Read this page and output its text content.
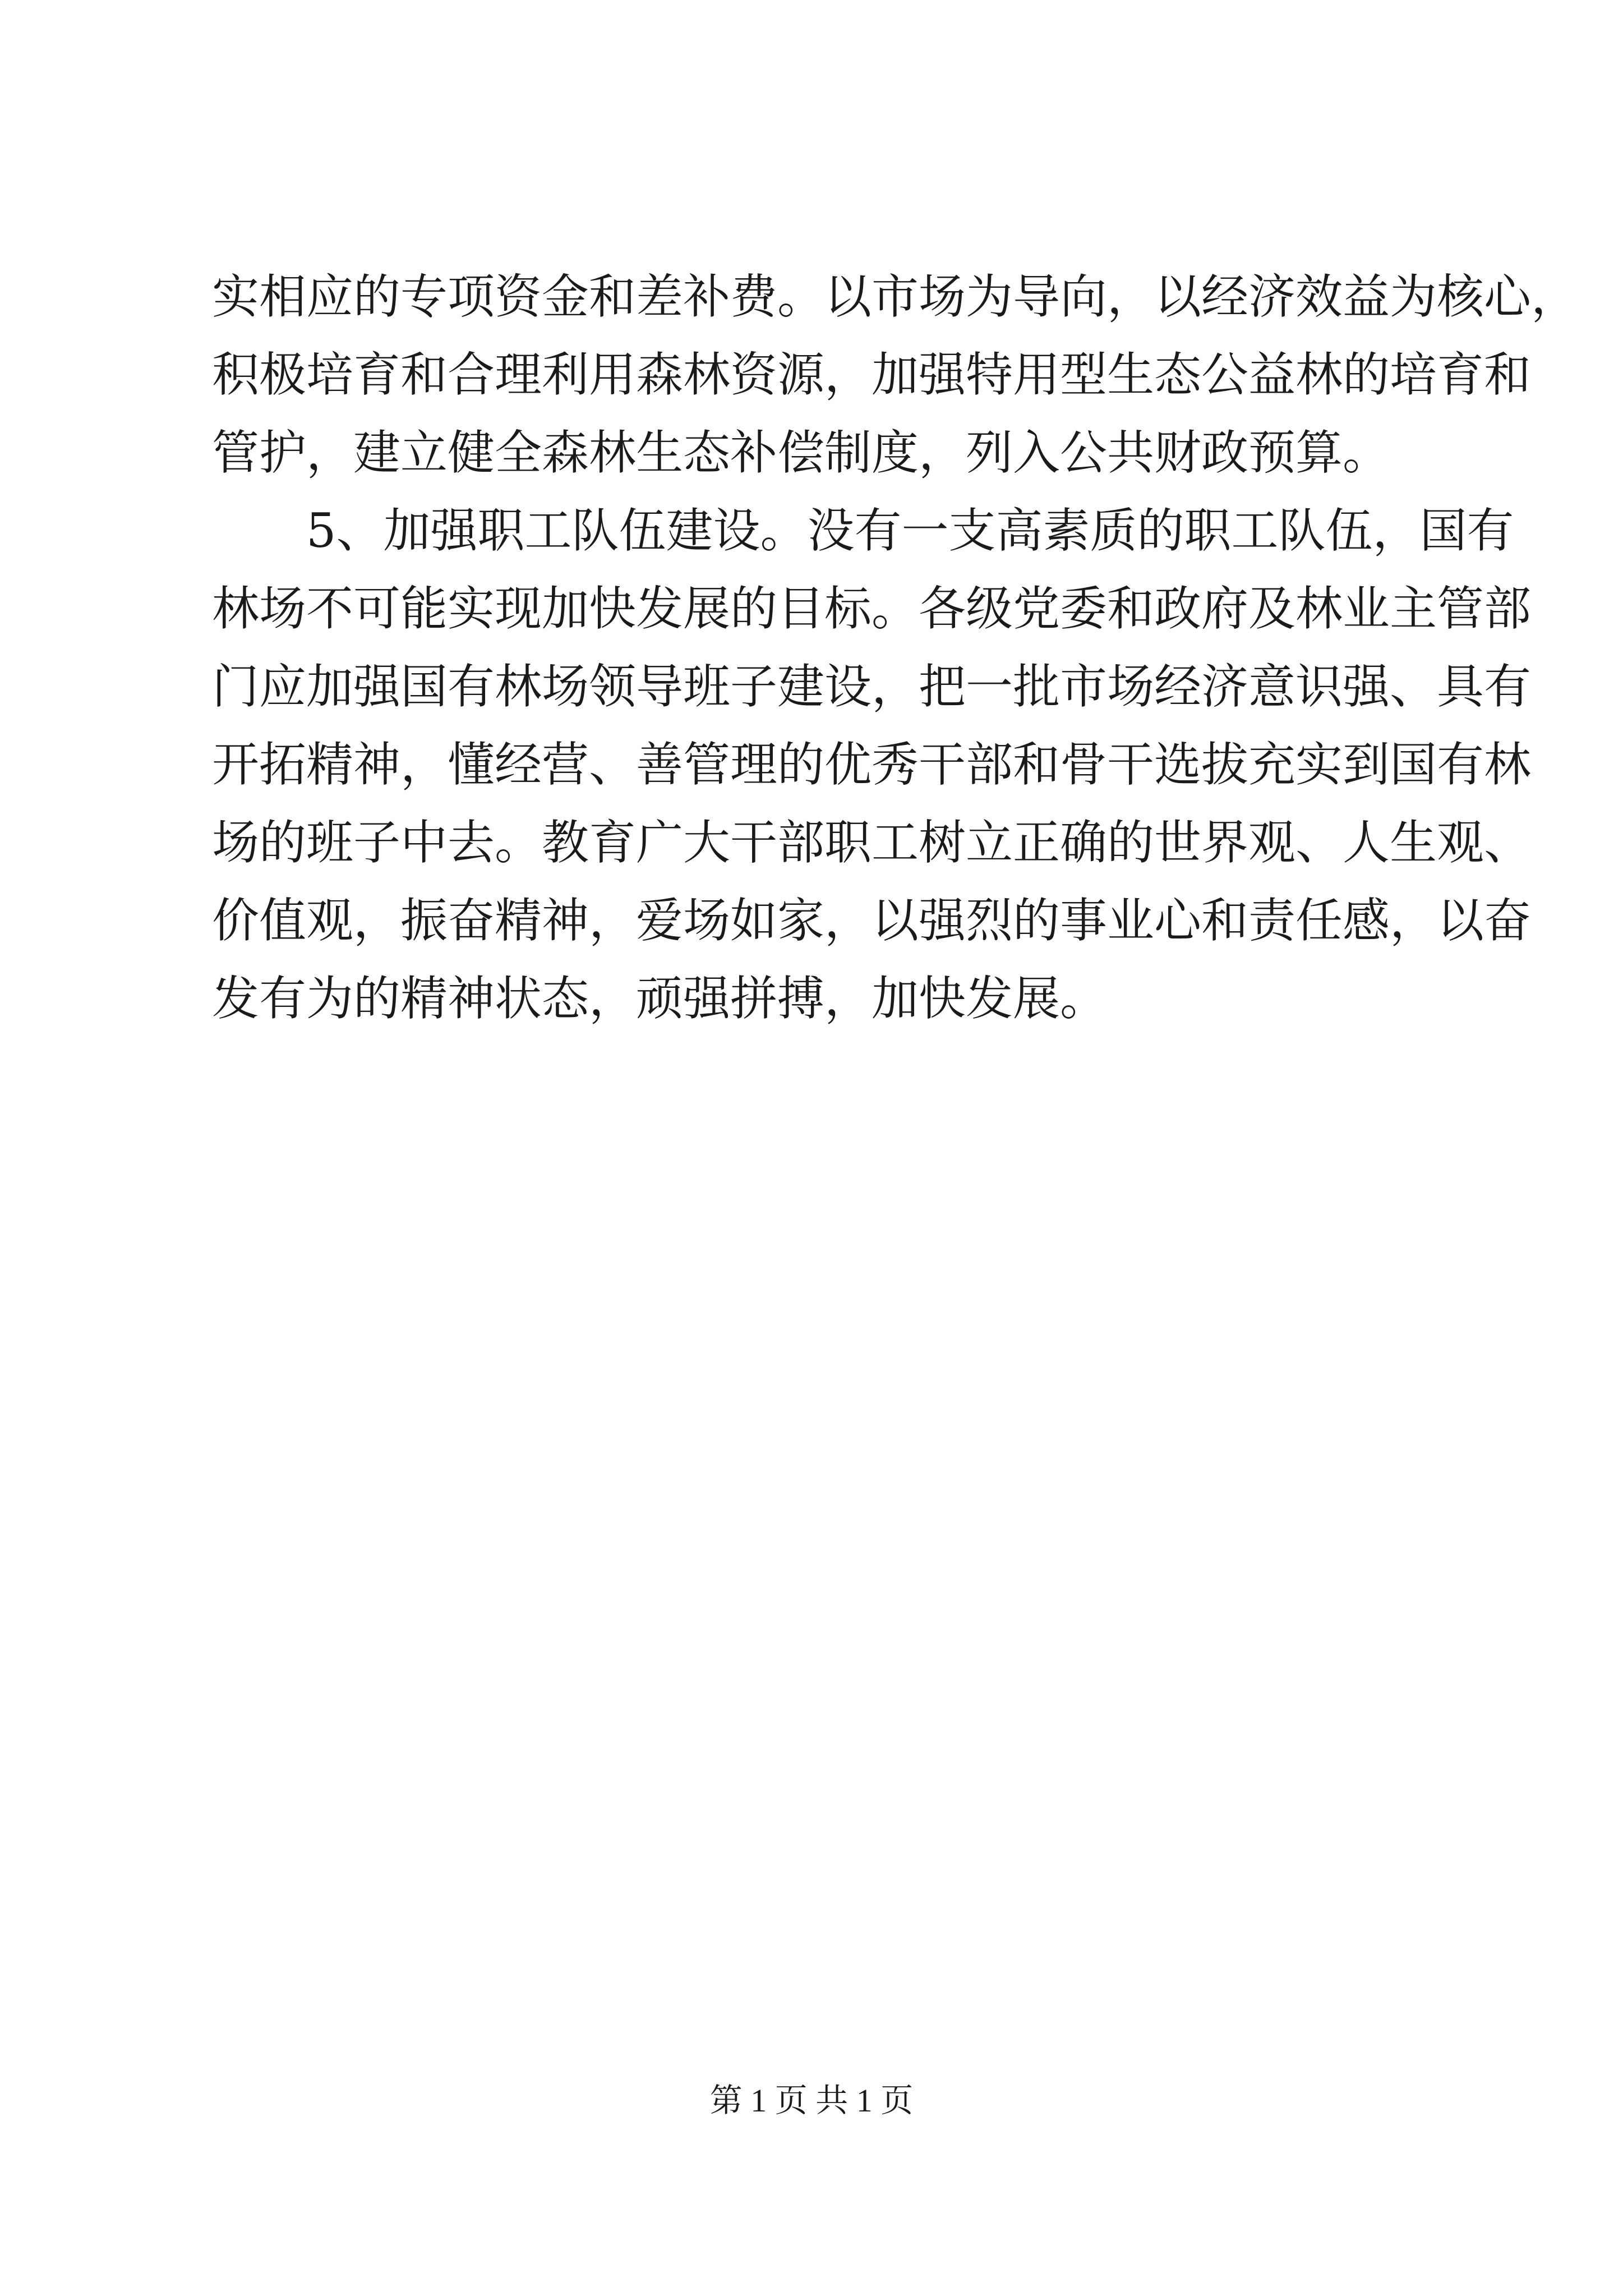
实相应的专项资金和差补费。以市场为导向，以经济效益为核心，
积极培育和合理利用森林资源，加强特用型生态公益林的培育和
管护，建立健全森林生态补偿制度，列入公共财政预算。
5、加强职工队伍建设。没有一支高素质的职工队伍，国有
林场不可能实现加快发展的目标。各级党委和政府及林业主管部
门应加强国有林场领导班子建设，把一批市场经济意识强、具有
开拓精神，懂经营、善管理的优秀干部和骨干选拔充实到国有林
场的班子中去。教育广大干部职工树立正确的世界观、人生观、
价值观，振奋精神，爱场如家，以强烈的事业心和责任感，以奋
发有为的精神状态，顽强拼搏，加快发展。
第 1 页 共 1 页
